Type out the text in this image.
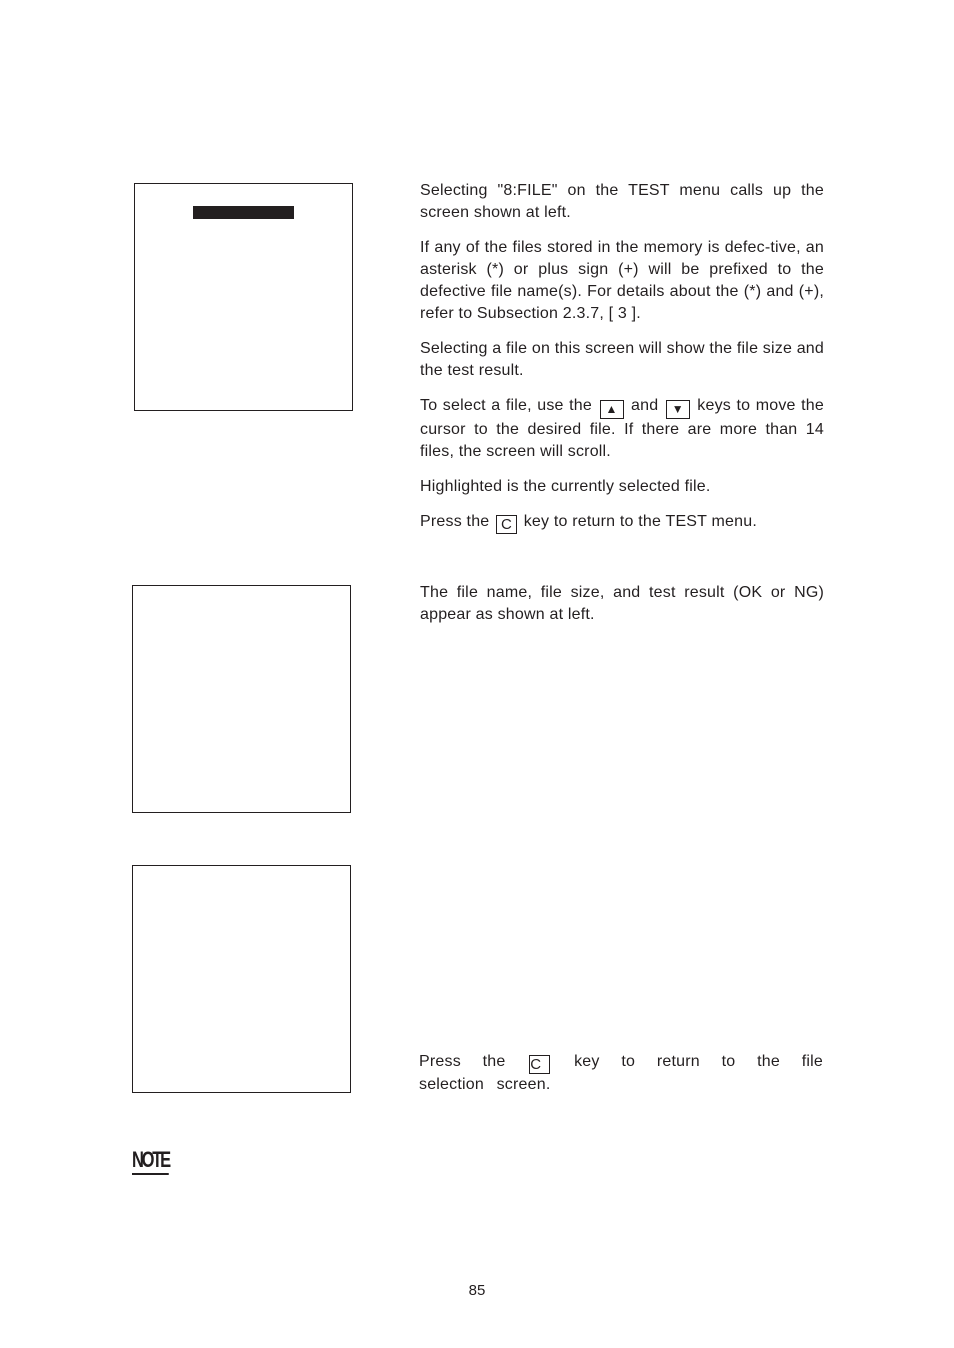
Selecting "8:FILE" on the TEST menu calls up the screen shown at left.

If any of the files stored in the memory is defec-tive, an asterisk (*) or plus sign (+) will be prefixed to the defective file name(s). For details about the (*) and (+), refer to Subsection 2.3.7, [ 3 ].

Selecting a file on this screen will show the file size and the test result.

To select a file, use the ▲ and ▼ keys to move the cursor to the desired file. If there are more than 14 files, the screen will scroll.

Highlighted is the currently selected file.

Press the C key to return to the TEST menu.

The file name, file size, and test result (OK or NG) appear as shown at left.

Press the C key to return to the file selection screen.

NOTE
85
